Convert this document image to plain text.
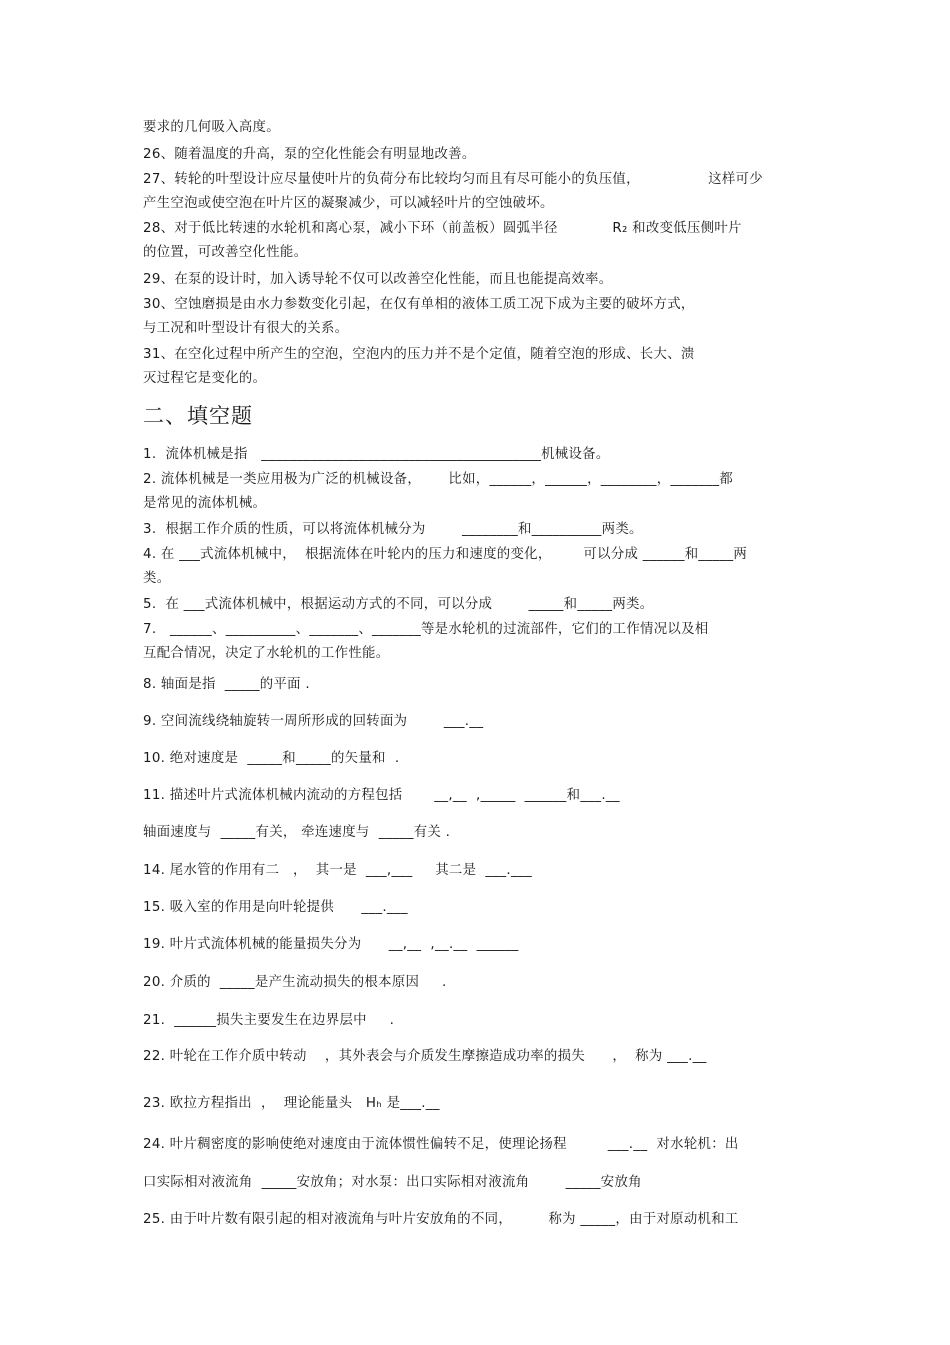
要求的几何吸入高度。
26、随着温度的升高，泵的空化性能会有明显地改善。
27、转轮的叶型设计应尽量使叶片的负荷分布比较均匀而且有尽可能小的负压值，               这样可少
产生空泡或使空泡在叶片区的凝聚减少，可以减轻叶片的空蚀破坏。
28、对于低比转速的水轮机和离心泵，减小下环（前盖板）圆弧半径            R₂ 和改变低压侧叶片
的位置，可改善空化性能。
29、在泵的设计时，加入诱导轮不仅可以改善空化性能，而且也能提高效率。
30、空蚀磨损是由水力参数变化引起，在仅有单相的液体工质工况下成为主要的破坏方式，
与工况和叶型设计有很大的关系。
31、在空化过程中所产生的空泡，空泡内的压力并不是个定值，随着空泡的形成、长大、溃
灭过程它是变化的。
二、填空题
1.  流体机械是指   ________________________________________机械设备。
2. 流体机械是一类应用极为广泛的机械设备，      比如，______，______，________，_______都
是常见的流体机械。
3.  根据工作介质的性质，可以将流体机械分为        ________和__________两类。
4. 在 ___式流体机械中，  根据流体在叶轮内的压力和速度的变化，       可以分成 ______和_____两
类。
5.  在 ___式流体机械中，根据运动方式的不同，可以分成        _____和_____两类。
7.   ______、__________、_______、_______等是水轮机的过流部件，它们的工作情况以及相
互配合情况，决定了水轮机的工作性能。
8. 轴面是指  _____的平面 .
9. 空间流线绕轴旋转一周所形成的回转面为        ___.__
10. 绝对速度是  _____和_____的矢量和  .
11. 描述叶片式流体机械内流动的方程包括       __,__  ,_____  ______和___.__
轴面速度与  _____有关， 牵连速度与  _____有关 .
14. 尾水管的作用有二   ，  其一是  ___,___     其二是  ___.___
15. 吸入室的作用是向叶轮提供      ___.___
19. 叶片式流体机械的能量损失分为      __,__  ,__.__  ______
20. 介质的  _____是产生流动损失的根本原因     .
21.  ______损失主要发生在边界层中     .
22. 叶轮在工作介质中转动    ，其外表会与介质发生摩擦造成功率的损失      ，  称为 ___.__
23. 欧拉方程指出  ，  理论能量头   Hₕ 是___.__
24. 叶片稠密度的影响使绝对速度由于流体惯性偏转不足，使理论扬程         ___.__  对水轮机：出
口实际相对液流角  _____安放角；对水泵：出口实际相对液流角        _____安放角
25. 由于叶片数有限引起的相对液流角与叶片安放角的不同，        称为 _____，由于对原动机和工
